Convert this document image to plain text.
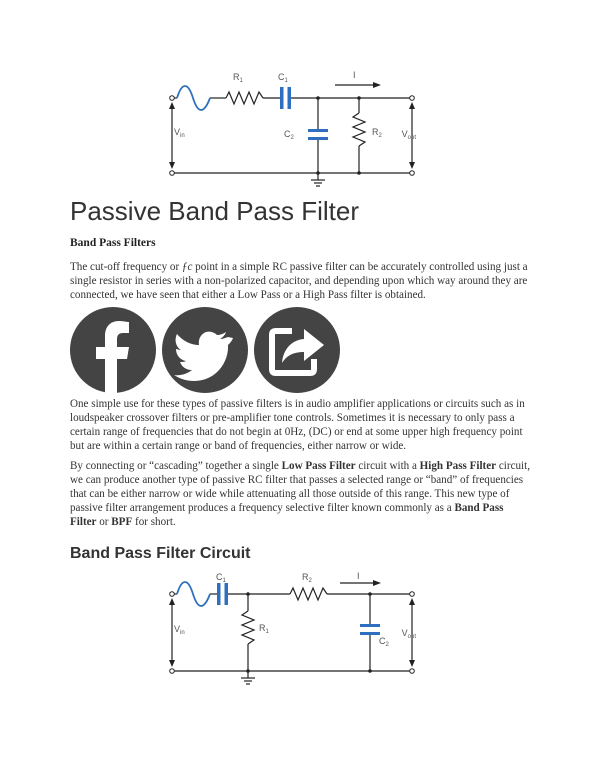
$R_1$	$C_1$
I
$V_{in}$	$C_2$
$R_2$ $V_{out}$
Passive Band Pass Filter
Band Pass Filters

The cut-off frequency or ƒc point in a simple RC passive filter can be accurately controlled using just a single resistor in series with a non-polarized capacitor, and depending upon which way around they are connected, we have seen that either a Low Pass or a High Pass filter is obtained.

One simple use for these types of passive filters is in audio amplifier applications or circuits such as in loudspeaker crossover filters or pre-amplifier tone controls. Sometimes it is necessary to only pass a certain range of frequencies that do not begin at 0Hz, (DC) or end at some upper high frequency point but are within a certain range or band of frequencies, either narrow or wide.

By connecting or “cascading” together a single Low Pass Filter circuit with a High Pass Filter circuit, we can produce another type of passive RC filter that passes a selected range or “band” of frequencies that can be either narrow or wide while attenuating all those outside of this range. This new type of passive filter arrangement produces a frequency selective filter known commonly as a Band Pass Filter or BPF for short.

Band Pass Filter Circuit
$C_1$	$R_2$	I
$V_{in}$	$R_1$
$C_2$
$V_{out}$
